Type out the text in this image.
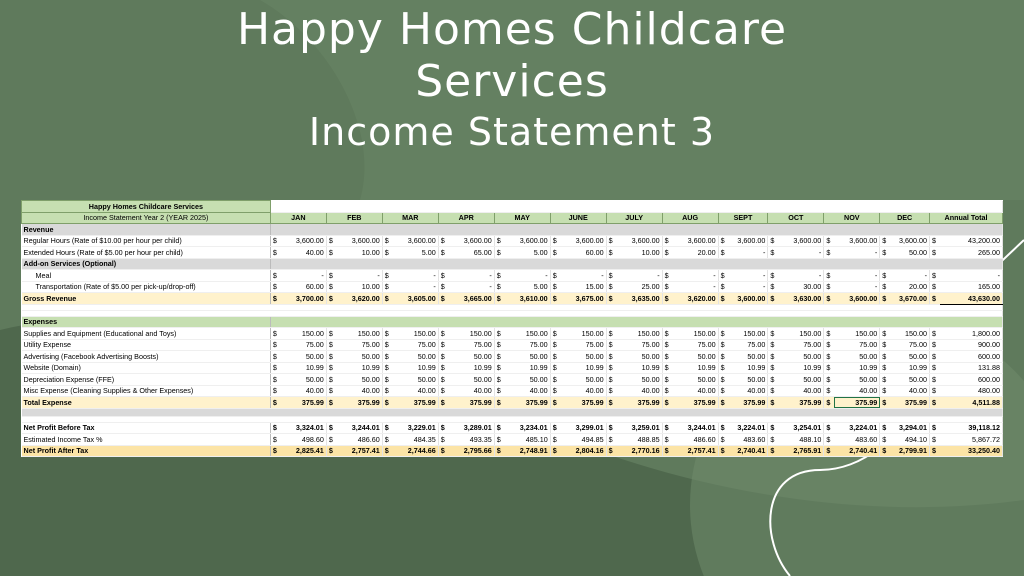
Happy Homes Childcare
Services
Income Statement 3
Happy Homes Childcare Services																										
Income Statement Year 2 (YEAR 2025)	JAN		FEB		MAR		APR		MAY		JUNE		JULY		AUG		SEPT		OCT		NOV		DEC		Annual Total	
Revenue																										
Regular Hours (Rate of $10.00 per hour per child)	$	3,600.00	$	3,600.00	$	3,600.00	$	3,600.00	$	3,600.00	$	3,600.00	$	3,600.00	$	3,600.00	$	3,600.00	$	3,600.00	$	3,600.00	$	3,600.00	$	43,200.00
Extended Hours (Rate of $5.00 per hour per child)	$	40.00	$	10.00	$	5.00	$	65.00	$	5.00	$	60.00	$	10.00	$	20.00	$	-	$	-	$	-	$	50.00	$	265.00
Add-on Services (Optional)																										
Meal	$	-	$	-	$	-	$	-	$	-	$	-	$	-	$	-	$	-	$	-	$	-	$	-	$	-
Transportation (Rate of $5.00 per pick-up/drop-off)	$	60.00	$	10.00	$	-	$	-	$	5.00	$	15.00	$	25.00	$	-	$	-	$	30.00	$	-	$	20.00	$	165.00
Gross Revenue	$	3,700.00	$	3,620.00	$	3,605.00	$	3,665.00	$	3,610.00	$	3,675.00	$	3,635.00	$	3,620.00	$	3,600.00	$	3,630.00	$	3,600.00	$	3,670.00	$	43,630.00

Expenses																										
Supplies and Equipment (Educational and Toys)	$	150.00	$	150.00	$	150.00	$	150.00	$	150.00	$	150.00	$	150.00	$	150.00	$	150.00	$	150.00	$	150.00	$	150.00	$	1,800.00
Utility Expense	$	75.00	$	75.00	$	75.00	$	75.00	$	75.00	$	75.00	$	75.00	$	75.00	$	75.00	$	75.00	$	75.00	$	75.00	$	900.00
Advertising (Facebook Advertising Boosts)	$	50.00	$	50.00	$	50.00	$	50.00	$	50.00	$	50.00	$	50.00	$	50.00	$	50.00	$	50.00	$	50.00	$	50.00	$	600.00
Website (Domain)	$	10.99	$	10.99	$	10.99	$	10.99	$	10.99	$	10.99	$	10.99	$	10.99	$	10.99	$	10.99	$	10.99	$	10.99	$	131.88
Depreciation Expense (FFE)	$	50.00	$	50.00	$	50.00	$	50.00	$	50.00	$	50.00	$	50.00	$	50.00	$	50.00	$	50.00	$	50.00	$	50.00	$	600.00
Misc Expense (Cleaning Supplies & Other Expenses)	$	40.00	$	40.00	$	40.00	$	40.00	$	40.00	$	40.00	$	40.00	$	40.00	$	40.00	$	40.00	$	40.00	$	40.00	$	480.00
Total Expense	$	375.99	$	375.99	$	375.99	$	375.99	$	375.99	$	375.99	$	375.99	$	375.99	$	375.99	$	375.99	$	375.99	$	375.99	$	4,511.88

Net Profit Before Tax	$	3,324.01	$	3,244.01	$	3,229.01	$	3,289.01	$	3,234.01	$	3,299.01	$	3,259.01	$	3,244.01	$	3,224.01	$	3,254.01	$	3,224.01	$	3,294.01	$	39,118.12
Estimated Income Tax %	$	498.60	$	486.60	$	484.35	$	493.35	$	485.10	$	494.85	$	488.85	$	486.60	$	483.60	$	488.10	$	483.60	$	494.10	$	5,867.72
Net Profit After Tax	$	2,825.41	$	2,757.41	$	2,744.66	$	2,795.66	$	2,748.91	$	2,804.16	$	2,770.16	$	2,757.41	$	2,740.41	$	2,765.91	$	2,740.41	$	2,799.91	$	33,250.40
